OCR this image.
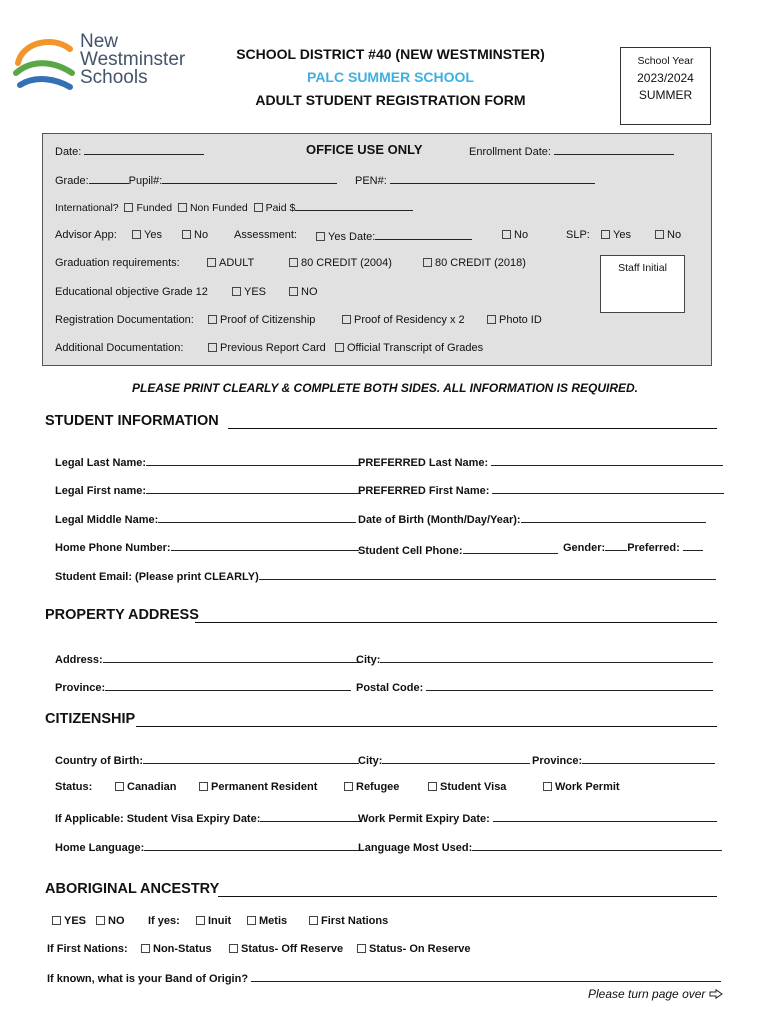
New
Westminster
Schools
SCHOOL DISTRICT #40 (NEW WESTMINSTER)
PALC SUMMER SCHOOL
ADULT STUDENT REGISTRATION FORM
School Year
2023/2024
SUMMER
Date:	OFFICE USE ONLY	Enrollment Date:
Grade:	Pupil#:	PEN#:
International? Funded Non Funded Paid $
Advisor App:	Yes	No Assessment:	Yes Date:	No	SLP:	Yes	No
Graduation requirements:	ADULT	80 CREDIT (2004)	80 CREDIT (2018)	Staff Initial
Educational objective Grade 12	YES	NO
Registration Documentation:	Proof of Citizenship	Proof of Residency x 2	Photo ID
Additional Documentation:	Previous Report Card	Official Transcript of Grades
PLEASE PRINT CLEARLY & COMPLETE BOTH SIDES. ALL INFORMATION IS REQUIRED.
STUDENT INFORMATION
Legal Last Name:	PREFERRED Last Name:
Legal First name:	PREFERRED First Name:
Legal Middle Name:	Date of Birth (Month/Day/Year):
Home Phone Number:	Student Cell Phone:	Gender: Preferred:
Student Email: (Please print CLEARLY)
PROPERTY ADDRESS
Address:	City:
Province:	Postal Code:
CITIZENSHIP
Country of Birth:	City:	Province:
Status:	Canadian	Permanent Resident	Refugee	Student Visa	Work Permit
If Applicable: Student Visa Expiry Date:	Work Permit Expiry Date:
Home Language:	Language Most Used:
ABORIGINAL ANCESTRY
YES	NO If yes:	Inuit	Metis	First Nations
If First Nations:	Non-Status	Status- Off Reserve	Status- On Reserve
If known, what is your Band of Origin?
Please turn page over
